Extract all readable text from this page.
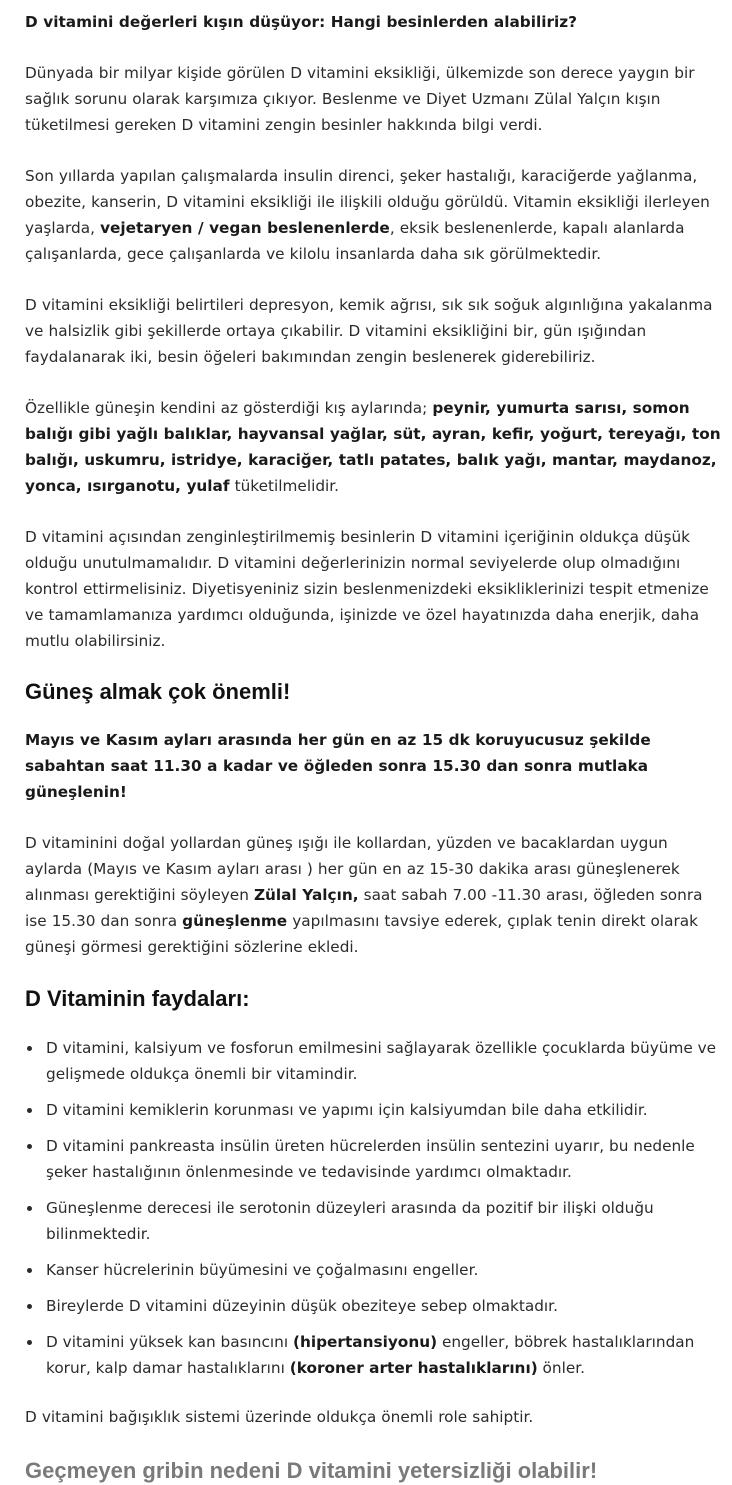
D vitamini değerleri kışın düşüyor: Hangi besinlerden alabiliriz?

Dünyada bir milyar kişide görülen D vitamini eksikliği, ülkemizde son derece yaygın bir sağlık sorunu olarak karşımıza çıkıyor. Beslenme ve Diyet Uzmanı Zülal Yalçın kışın tüketilmesi gereken D vitamini zengin besinler hakkında bilgi verdi.

Son yıllarda yapılan çalışmalarda insulin direnci, şeker hastalığı, karaciğerde yağlanma, obezite, kanserin, D vitamini eksikliği ile ilişkili olduğu görüldü. Vitamin eksikliği ilerleyen yaşlarda, vejetaryen / vegan beslenenlerde, eksik beslenenlerde, kapalı alanlarda çalışanlarda, gece çalışanlarda ve kilolu insanlarda daha sık görülmektedir.

D vitamini eksikliği belirtileri depresyon, kemik ağrısı, sık sık soğuk algınlığına yakalanma ve halsizlik gibi şekillerde ortaya çıkabilir. D vitamini eksikliğini bir, gün ışığından faydalanarak iki, besin öğeleri bakımından zengin beslenerek giderebiliriz.

Özellikle güneşin kendini az gösterdiği kış aylarında; peynir, yumurta sarısı, somon balığı gibi yağlı balıklar, hayvansal yağlar, süt, ayran, kefir, yoğurt, tereyağı, ton balığı, uskumru, istridye, karaciğer, tatlı patates, balık yağı, mantar, maydanoz, yonca, ısırganotu, yulaf tüketilmelidir.

D vitamini açısından zenginleştirilmemiş besinlerin D vitamini içeriğinin oldukça düşük olduğu unutulmamalıdır. D vitamini değerlerinizin normal seviyelerde olup olmadığını kontrol ettirmelisiniz. Diyetisyeniniz sizin beslenmenizdeki eksikliklerinizi tespit etmenize ve tamamlamanıza yardımcı olduğunda, işinizde ve özel hayatınızda daha enerjik, daha mutlu olabilirsiniz.

Güneş almak çok önemli!

Mayıs ve Kasım ayları arasında her gün en az 15 dk koruyucusuz şekilde sabahtan saat 11.30 a kadar ve öğleden sonra 15.30 dan sonra mutlaka güneşlenin!

D vitaminini doğal yollardan güneş ışığı ile kollardan, yüzden ve bacaklardan uygun aylarda (Mayıs ve Kasım ayları arası ) her gün en az 15-30 dakika arası güneşlenerek alınması gerektiğini söyleyen Zülal Yalçın, saat sabah 7.00 -11.30 arası, öğleden sonra ise 15.30 dan sonra güneşlenme yapılmasını tavsiye ederek, çıplak tenin direkt olarak güneşi görmesi gerektiğini sözlerine ekledi.

D Vitaminin faydaları:
D vitamini, kalsiyum ve fosforun emilmesini sağlayarak özellikle çocuklarda büyüme ve gelişmede oldukça önemli bir vitamindir.
D vitamini kemiklerin korunması ve yapımı için kalsiyumdan bile daha etkilidir.
D vitamini pankreasta insülin üreten hücrelerden insülin sentezini uyarır, bu nedenle şeker hastalığının önlenmesinde ve tedavisinde yardımcı olmaktadır.
Güneşlenme derecesi ile serotonin düzeyleri arasında da pozitif bir ilişki olduğu bilinmektedir.
Kanser hücrelerinin büyümesini ve çoğalmasını engeller.
Bireylerde D vitamini düzeyinin düşük obeziteye sebep olmaktadır.
D vitamini yüksek kan basıncını (hipertansiyonu) engeller, böbrek hastalıklarından korur, kalp damar hastalıklarını (koroner arter hastalıklarını) önler.

D vitamini bağışıklık sistemi üzerinde oldukça önemli role sahiptir.

Geçmeyen gribin nedeni D vitamini yetersizliği olabilir!
